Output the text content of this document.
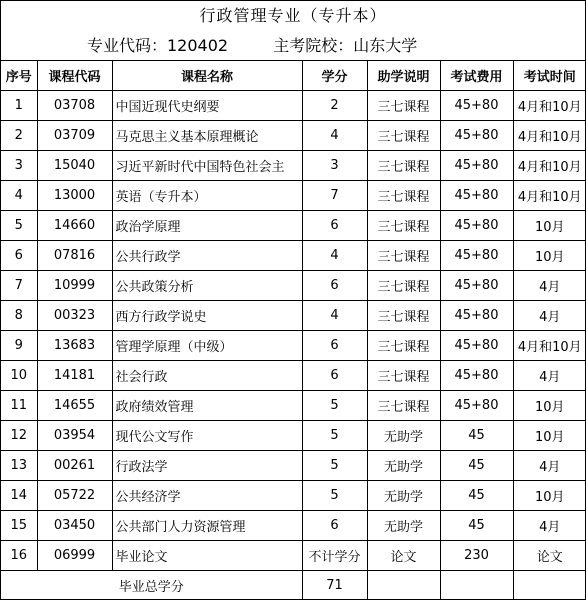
行政管理专业（专升本）
专业代码：120402	主考院校：山东大学
序号	课程代码	课程名称	学分	助学说明	考试费用	考试时间
1	03708	中国近现代史纲要	2	三七课程	45+80	4月和10月
2	03709	马克思主义基本原理概论	4	三七课程	45+80	4月和10月
3	15040	习近平新时代中国特色社会主	3	三七课程	45+80	4月和10月
4	13000	英语（专升本）	7	三七课程	45+80	4月和10月
5	14660	政治学原理	6	三七课程	45+80	10月
6	07816	公共行政学	4	三七课程	45+80	10月
7	10999	公共政策分析	6	三七课程	45+80	4月
8	00323	西方行政学说史	4	三七课程	45+80	4月
9	13683	管理学原理（中级）	6	三七课程	45+80	4月和10月
10	14181	社会行政	6	三七课程	45+80	4月
11	14655	政府绩效管理	5	三七课程	45+80	10月
12	03954	现代公文写作	5	无助学	45	10月
13	00261	行政法学	5	无助学	45	4月
14	05722	公共经济学	5	无助学	45	10月
15	03450	公共部门人力资源管理	6	无助学	45	4月
16	06999	毕业论文	不计学分	论文	230	论文
毕业总学分			71			
